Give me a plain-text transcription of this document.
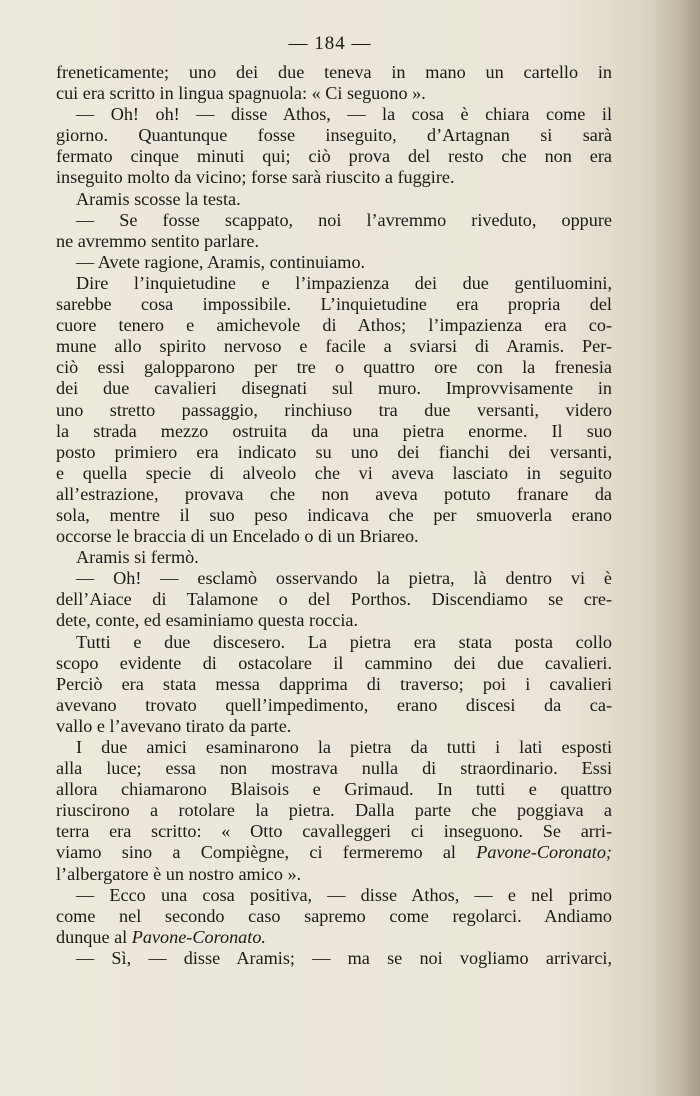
— 184 —
freneticamente; uno dei due teneva in mano un cartello in
cui era scritto in lingua spagnuola: « Ci seguono ».
— Oh! oh! — disse Athos, — la cosa è chiara come il
giorno. Quantunque fosse inseguito, d’Artagnan si sarà
fermato cinque minuti qui; ciò prova del resto che non era
inseguito molto da vicino; forse sarà riuscito a fuggire.
Aramis scosse la testa.
— Se fosse scappato, noi l’avremmo riveduto, oppure
ne avremmo sentito parlare.
— Avete ragione, Aramis, continuiamo.
Dire l’inquietudine e l’impazienza dei due gentiluomini,
sarebbe cosa impossibile. L’inquietudine era propria del
cuore tenero e amichevole di Athos; l’impazienza era co-
mune allo spirito nervoso e facile a sviarsi di Aramis. Per-
ciò essi galopparono per tre o quattro ore con la frenesia
dei due cavalieri disegnati sul muro. Improvvisamente in
uno stretto passaggio, rinchiuso tra due versanti, videro
la strada mezzo ostruita da una pietra enorme. Il suo
posto primiero era indicato su uno dei fianchi dei versanti,
e quella specie di alveolo che vi aveva lasciato in seguito
all’estrazione, provava che non aveva potuto franare da
sola, mentre il suo peso indicava che per smuoverla erano
occorse le braccia di un Encelado o di un Briareo.
Aramis si fermò.
— Oh! — esclamò osservando la pietra, là dentro vi è
dell’Aiace di Talamone o del Porthos. Discendiamo se cre-
dete, conte, ed esaminiamo questa roccia.
Tutti e due discesero. La pietra era stata posta collo
scopo evidente di ostacolare il cammino dei due cavalieri.
Perciò era stata messa dapprima di traverso; poi i cavalieri
avevano trovato quell’impedimento, erano discesi da ca-
vallo e l’avevano tirato da parte.
I due amici esaminarono la pietra da tutti i lati esposti
alla luce; essa non mostrava nulla di straordinario. Essi
allora chiamarono Blaisois e Grimaud. In tutti e quattro
riuscirono a rotolare la pietra. Dalla parte che poggiava a
terra era scritto: « Otto cavalleggeri ci inseguono. Se arri-
viamo sino a Compiègne, ci fermeremo al Pavone-Coronato;
l’albergatore è un nostro amico ».
— Ecco una cosa positiva, — disse Athos, — e nel primo
come nel secondo caso sapremo come regolarci. Andiamo
dunque al Pavone-Coronato.
— Sì, — disse Aramis; — ma se noi vogliamo arrivarci,
